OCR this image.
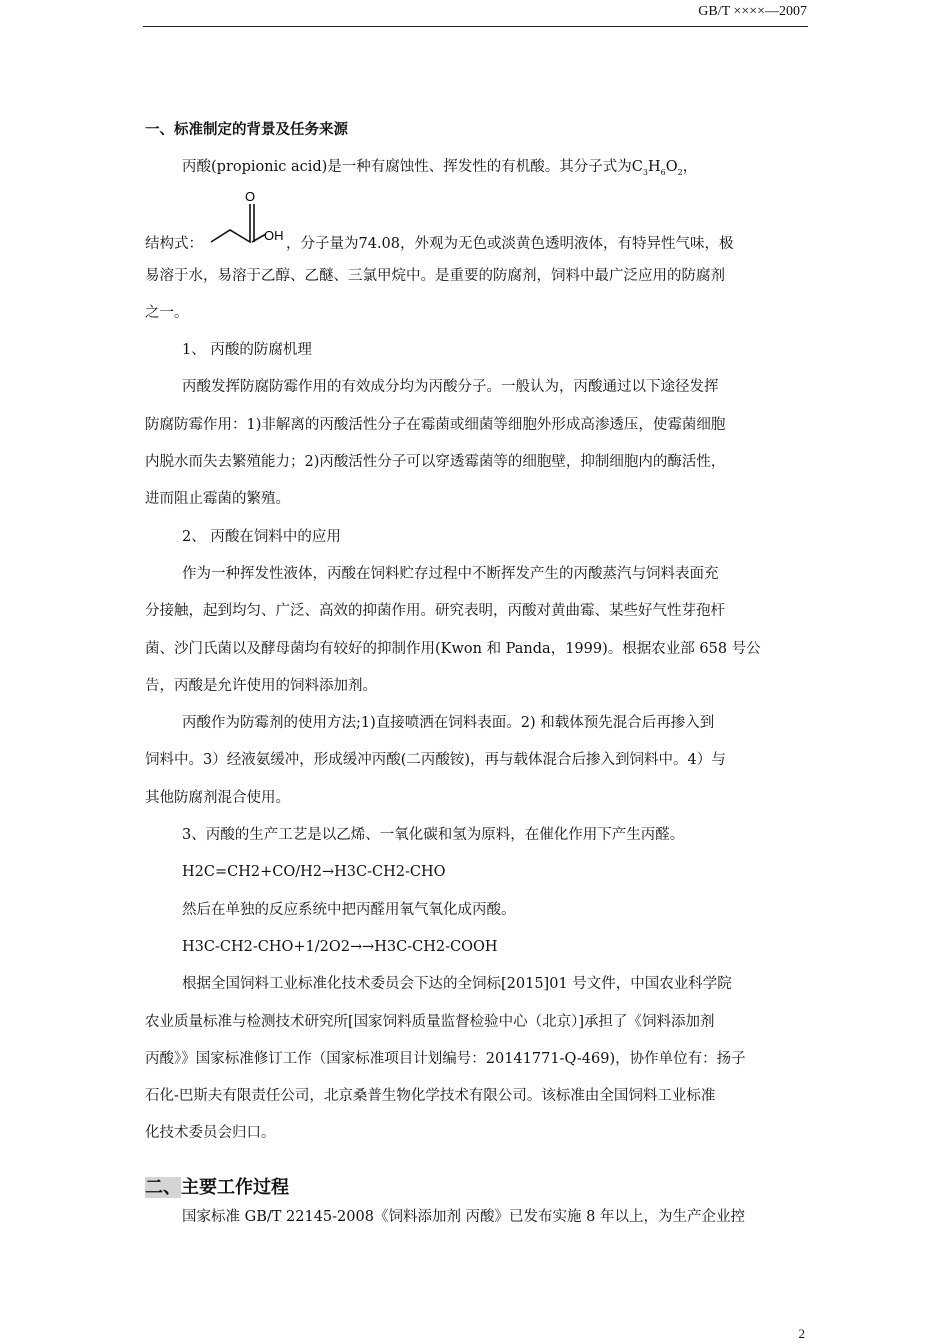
GB/T ××××—2007
一、标准制定的背景及任务来源
丙酸(propionic acid)是一种有腐蚀性、挥发性的有机酸。其分子式为$C_3H_6O_2$，
结构式：
O
OH
，分子量为74.08，外观为无色或淡黄色透明液体，有特异性气味，极
易溶于水，易溶于乙醇、乙醚、三氯甲烷中。是重要的防腐剂，饲料中最广泛应用的防腐剂
之一。
1、 丙酸的防腐机理
丙酸发挥防腐防霉作用的有效成分均为丙酸分子。一般认为，丙酸通过以下途径发挥
防腐防霉作用：1)非解离的丙酸活性分子在霉菌或细菌等细胞外形成高渗透压，使霉菌细胞
内脱水而失去繁殖能力；2)丙酸活性分子可以穿透霉菌等的细胞壁，抑制细胞内的酶活性，
进而阻止霉菌的繁殖。
2、 丙酸在饲料中的应用
作为一种挥发性液体，丙酸在饲料贮存过程中不断挥发产生的丙酸蒸汽与饲料表面充
分接触，起到均匀、广泛、高效的抑菌作用。研究表明，丙酸对黄曲霉、某些好气性芽孢杆
菌、沙门氏菌以及酵母菌均有较好的抑制作用(Kwon 和 Panda，1999)。根据农业部 658 号公
告，丙酸是允许使用的饲料添加剂。
丙酸作为防霉剂的使用方法;1)直接喷洒在饲料表面。2) 和载体预先混合后再掺入到
饲料中。3）经液氨缓冲，形成缓冲丙酸(二丙酸铵)，再与载体混合后掺入到饲料中。4）与
其他防腐剂混合使用。
3、丙酸的生产工艺是以乙烯、一氧化碳和氢为原料，在催化作用下产生丙醛。
H2C=CH2+CO/H2→H3C-CH2-CHO
然后在单独的反应系统中把丙醛用氧气氧化成丙酸。
H3C-CH2-CHO+1/2O2→→H3C-CH2-COOH
根据全国饲料工业标准化技术委员会下达的全饲标[2015]01 号文件，中国农业科学院
农业质量标准与检测技术研究所[国家饲料质量监督检验中心（北京）]承担了《饲料添加剂
丙酸》》国家标准修订工作（国家标准项目计划编号：20141771-Q-469)，协作单位有：扬子
石化-巴斯夫有限责任公司，北京桑普生物化学技术有限公司。该标准由全国饲料工业标准
化技术委员会归口。
二、主要工作过程
国家标准 GB/T 22145-2008《饲料添加剂 丙酸》已发布实施 8 年以上，为生产企业控
2
